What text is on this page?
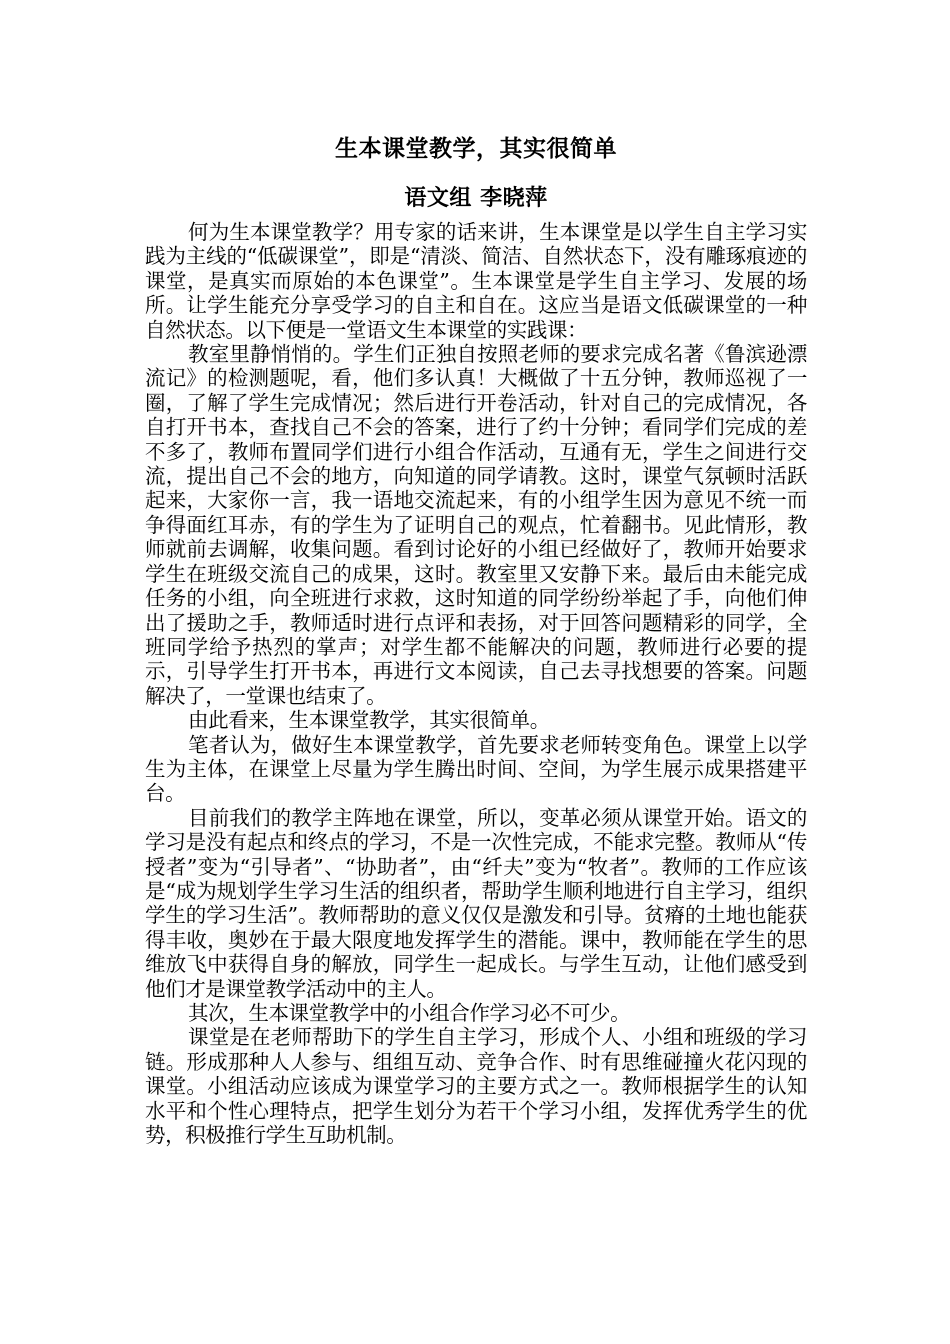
生本课堂教学，其实很简单
语文组 李晓萍

何为生本课堂教学？用专家的话来讲，生本课堂是以学生自主学习实践为主线的“低碳课堂”，即是“清淡、简洁、自然状态下，没有雕琢痕迹的课堂，是真实而原始的本色课堂”。生本课堂是学生自主学习、发展的场所。让学生能充分享受学习的自主和自在。这应当是语文低碳课堂的一种自然状态。以下便是一堂语文生本课堂的实践课：

教室里静悄悄的。学生们正独自按照老师的要求完成名著《鲁滨逊漂流记》的检测题呢，看，他们多认真！大概做了十五分钟，教师巡视了一圈，了解了学生完成情况；然后进行开卷活动，针对自己的完成情况，各自打开书本，查找自己不会的答案，进行了约十分钟；看同学们完成的差不多了，教师布置同学们进行小组合作活动，互通有无，学生之间进行交流，提出自己不会的地方，向知道的同学请教。这时，课堂气氛顿时活跃起来，大家你一言，我一语地交流起来，有的小组学生因为意见不统一而争得面红耳赤，有的学生为了证明自己的观点，忙着翻书。见此情形，教师就前去调解，收集问题。看到讨论好的小组已经做好了，教师开始要求学生在班级交流自己的成果，这时。教室里又安静下来。最后由未能完成任务的小组，向全班进行求救，这时知道的同学纷纷举起了手，向他们伸出了援助之手，教师适时进行点评和表扬，对于回答问题精彩的同学，全班同学给予热烈的掌声；对学生都不能解决的问题，教师进行必要的提示，引导学生打开书本，再进行文本阅读，自己去寻找想要的答案。问题解决了，一堂课也结束了。

由此看来，生本课堂教学，其实很简单。

笔者认为，做好生本课堂教学，首先要求老师转变角色。课堂上以学生为主体，在课堂上尽量为学生腾出时间、空间，为学生展示成果搭建平台。

目前我们的教学主阵地在课堂，所以，变革必须从课堂开始。语文的学习是没有起点和终点的学习，不是一次性完成，不能求完整。教师从“传授者”变为“引导者”、“协助者”，由“纤夫”变为“牧者”。教师的工作应该是“成为规划学生学习生活的组织者，帮助学生顺利地进行自主学习，组织学生的学习生活”。教师帮助的意义仅仅是激发和引导。贫瘠的土地也能获得丰收，奥妙在于最大限度地发挥学生的潜能。课中，教师能在学生的思维放飞中获得自身的解放，同学生一起成长。与学生互动，让他们感受到他们才是课堂教学活动中的主人。

其次，生本课堂教学中的小组合作学习必不可少。

课堂是在老师帮助下的学生自主学习，形成个人、小组和班级的学习链。形成那种人人参与、组组互动、竞争合作、时有思维碰撞火花闪现的课堂。小组活动应该成为课堂学习的主要方式之一。教师根据学生的认知水平和个性心理特点，把学生划分为若干个学习小组，发挥优秀学生的优势，积极推行学生互助机制。
